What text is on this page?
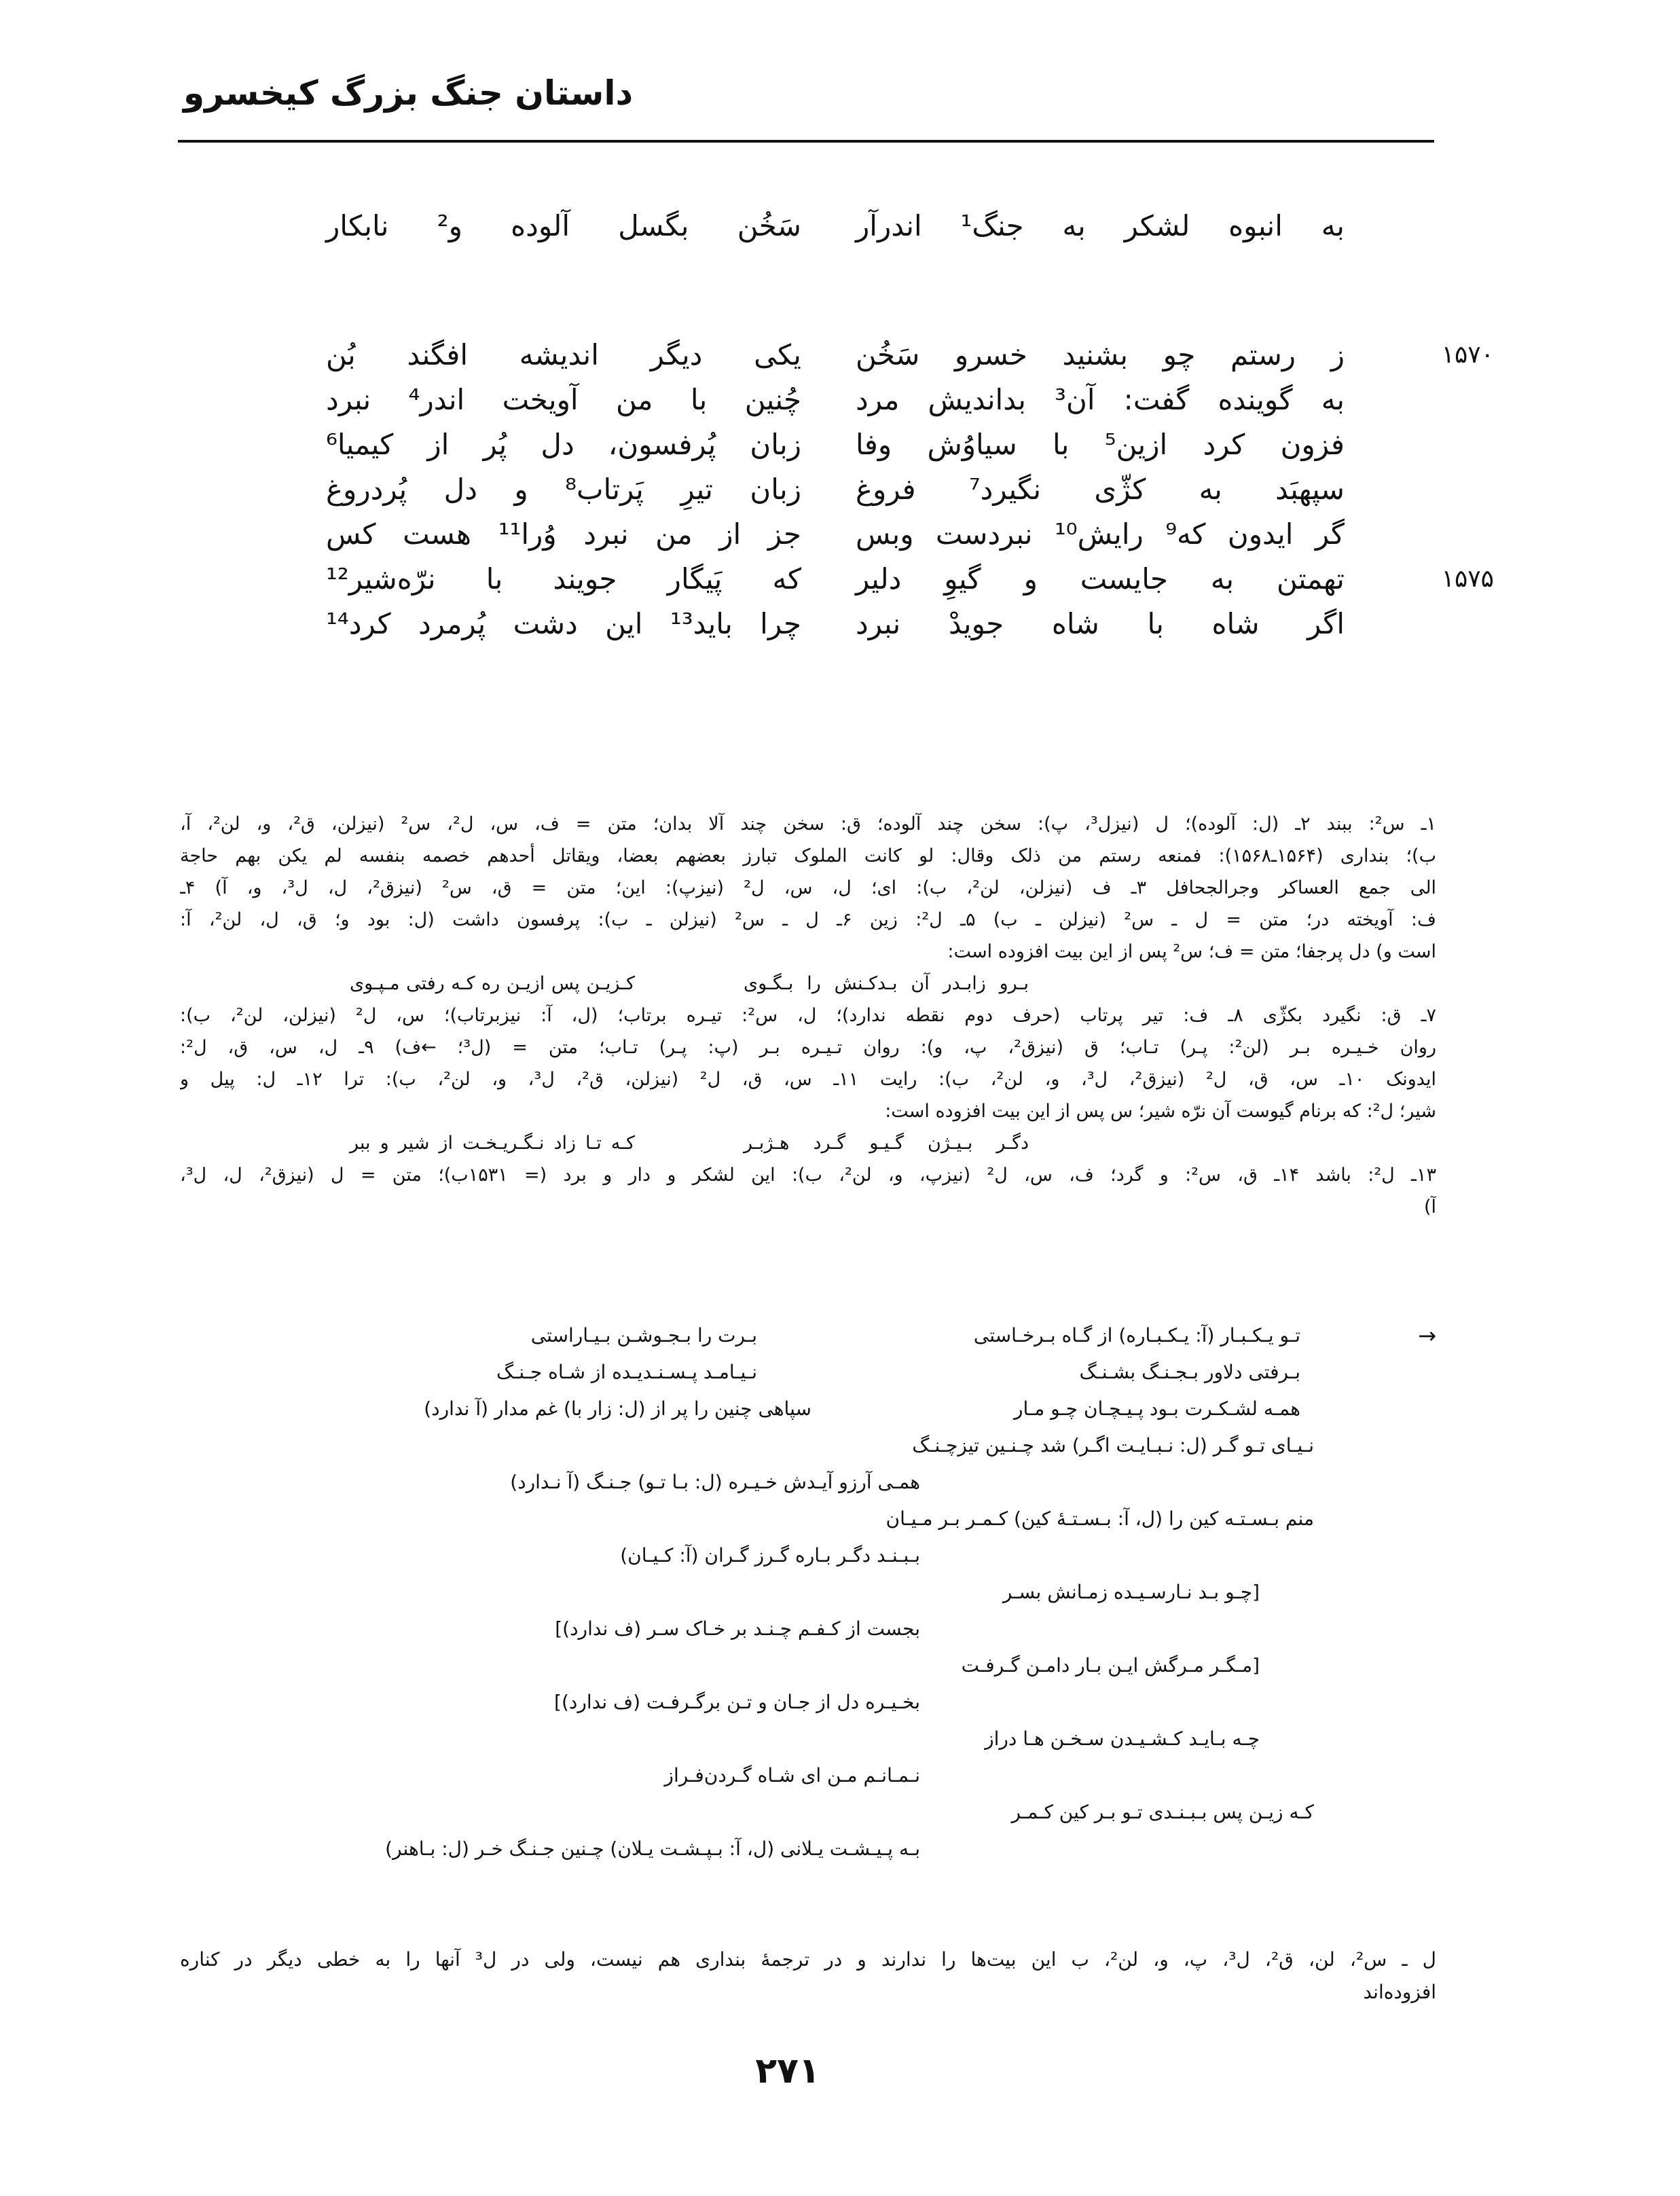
داستان جنگ بزرگ کیخسرو
به انبوه لشکر به جنگ¹ اندرآر
سَخُن بگسل آلوده و² نابکار
۱۵۷۰
ز رستم چو بشنید خسرو سَخُن
یکی دیگر اندیشه افگند بُن
به گوینده گفت: آن³ بداندیش مرد
چُنین با من آویخت اندر⁴ نبرد
فزون کرد ازین⁵ با سیاوُش وفا
زبان پُرفسون، دل پُر از کیمیا⁶
سپهبَد به کژّی نگیرد⁷ فروغ
زبان تیرِ پَرتاب⁸ و دل پُردروغ
گر ایدون که⁹ رایش¹⁰ نبردست وبس
جز از من نبرد وُرا¹¹ هست کس
۱۵۷۵
تهمتن به جایست و گیوِ دلیر
که پَیگار جویند با نرّه‌شیر¹²
اگر شاه با شاه جویدْ نبرد
چرا باید¹³ این دشت پُرمرد کرد¹⁴
۱ـ س²: ببند ۲ـ (ل: آلوده)؛ ل (نیزل³، پ): سخن چند آلوده؛ ق: سخن چند آلا بدان؛ متن = ف، س، ل²، س² (نیزلن، ق²، و، لن²، آ،
ب)؛ بنداری (۱۵۶۴ـ۱۵۶۸): فمنعه رستم من ذلک وقال: لو کانت الملوک تبارز بعضهم بعضا، ویقاتل أحدهم خصمه بنفسه لم یکن بهم حاجة
الی جمع العساکر وجرالجحافل ۳ـ ف (نیزلن، لن²، ب): ای؛ ل، س، ل² (نیزپ): این؛ متن = ق، س² (نیزق²، ل، ل³، و، آ) ۴ـ
ف: آویخته در؛ متن = ل ـ س² (نیزلن ـ ب) ۵ـ ل²: زین ۶ـ ل ـ س² (نیزلن ـ ب): پرفسون داشت (ل: بود و؛ ق، ل، لن²، آ:
است و) دل پرجفا؛ متن = ف؛ س² پس از این بیت افزوده است:
بـرو زابـدر آن بـدکـنش را بـگـوی
کـزیـن پس ازیـن ره کـه رفتی مـپـوی
۷ـ ق: نگیرد بکژّی ۸ـ ف: تیر پرتاب (حرف دوم نقطه ندارد)؛ ل، س²: تیـره برتاب؛ (ل، آ: نیزبرتاب)؛ س، ل² (نیزلن، لن²، ب):
روان خـیـره بـر (لن²: پـر) تـاب؛ ق (نیزق²، پ، و): روان تـیـره بـر (پ: پـر) تـاب؛ متن = (ل³؛ ←ف) ۹ـ ل، س، ق، ل²:
ایدونک ۱۰ـ س، ق، ل² (نیزق²، ل³، و، لن²، ب): رایت ۱۱ـ س، ق، ل² (نیزلن، ق²، ل³، و، لن²، ب): ترا ۱۲ـ ل: پیل و
شیر؛ ل²: که برنام گیوست آن نرّه شیر؛ س پس از این بیت افزوده است:
دگـر بـیـژن گـیـو گـرد هـژبـر
کـه تـا زاد نـگـریـخـت از شیر و ببر
۱۳ـ ل²: باشد ۱۴ـ ق، س²: و گرد؛ ف، س، ل² (نیزپ، و، لن²، ب): این لشکر و دار و برد (= ۱۵۳۱ب)؛ متن = ل (نیزق²، ل، ل³،
آ)
→
تـو یـکـبـار (آ: یـکـبـاره) از گـاه بـرخـاستی
بـرت را بـجـوشـن بـیـاراستی
بـرفتی دلاور بـجـنـگ بشـنـگ
نـیـامـد پـسـنـدیـده از شـاه جـنـگ
همـه لشـکـرت بـود پـیـچـان چـو مـار
سپاهی چنین را پر از (ل: زار با) غم مدار (آ ندارد)
نـیـای تـو گـر (ل: نـبـایـت اگـر) شد چـنـین تیزچـنـگ
همـی آرزو آیـدش خـیـره (ل: بـا تـو) جـنـگ (آ نـدارد)
منم بـسـتـه کین را (ل، آ: بـسـتـهٔ کین) کـمـر بـر مـیـان
بـبـنـد دگـر بـاره گـرز گـران (آ: کـیـان)
[چـو بـد نـارسـیـده زمـانش بسـر
بجست از کـفـم چـنـد بر خـاک سـر (ف ندارد)]
[مـگـر مـرگش ایـن بـار دامـن گـرفـت
بخـیـره دل از جـان و تـن برگـرفـت (ف ندارد)]
چـه بـایـد کـشـیـدن سـخـن هـا دراز
نـمـانـم مـن ای شـاه گـردن‌فـراز
کـه زیـن پس بـبـنـدی تـو بـر کین کـمـر
بـه پـیـشـت یـلانی (ل، آ: بـپـشـت یـلان) چـنین جـنـگ خـر (ل: بـاهنر)
ل ـ س²، لن، ق²، ل³، پ، و، لن²، ب این بیت‌ها را ندارند و در ترجمهٔ بنداری هم نیست، ولی در ل³ آنها را به خطی دیگر در کناره
افزوده‌اند
۲۷۱
